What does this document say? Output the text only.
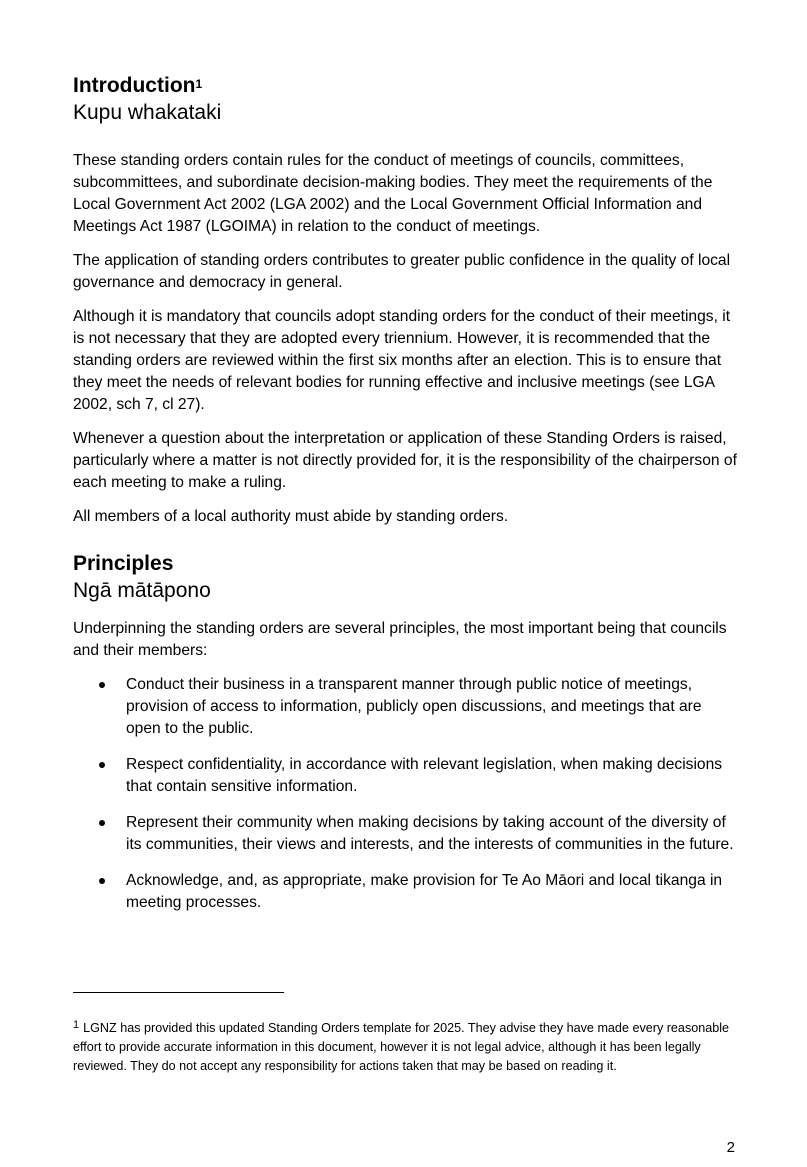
Introduction$^1$
Kupu whakataki

These standing orders contain rules for the conduct of meetings of councils, committees, subcommittees, and subordinate decision-making bodies. They meet the requirements of the Local Government Act 2002 (LGA 2002) and the Local Government Official Information and Meetings Act 1987 (LGOIMA) in relation to the conduct of meetings.

The application of standing orders contributes to greater public confidence in the quality of local governance and democracy in general.

Although it is mandatory that councils adopt standing orders for the conduct of their meetings, it is not necessary that they are adopted every triennium. However, it is recommended that the standing orders are reviewed within the first six months after an election. This is to ensure that they meet the needs of relevant bodies for running effective and inclusive meetings (see LGA 2002, sch 7, cl 27).

Whenever a question about the interpretation or application of these Standing Orders is raised, particularly where a matter is not directly provided for, it is the responsibility of the chairperson of each meeting to make a ruling.

All members of a local authority must abide by standing orders.

Principles
Ngā mātāpono

Underpinning the standing orders are several principles, the most important being that councils and their members:

Conduct their business in a transparent manner through public notice of meetings, provision of access to information, publicly open discussions, and meetings that are open to the public.
Respect confidentiality, in accordance with relevant legislation, when making decisions that contain sensitive information.
Represent their community when making decisions by taking account of the diversity of its communities, their views and interests, and the interests of communities in the future.
Acknowledge, and, as appropriate, make provision for Te Ao Māori and local tikanga in meeting processes.
$^1$ LGNZ has provided this updated Standing Orders template for 2025. They advise they have made every reasonable effort to provide accurate information in this document, however it is not legal advice, although it has been legally reviewed. They do not accept any responsibility for actions taken that may be based on reading it.
2
